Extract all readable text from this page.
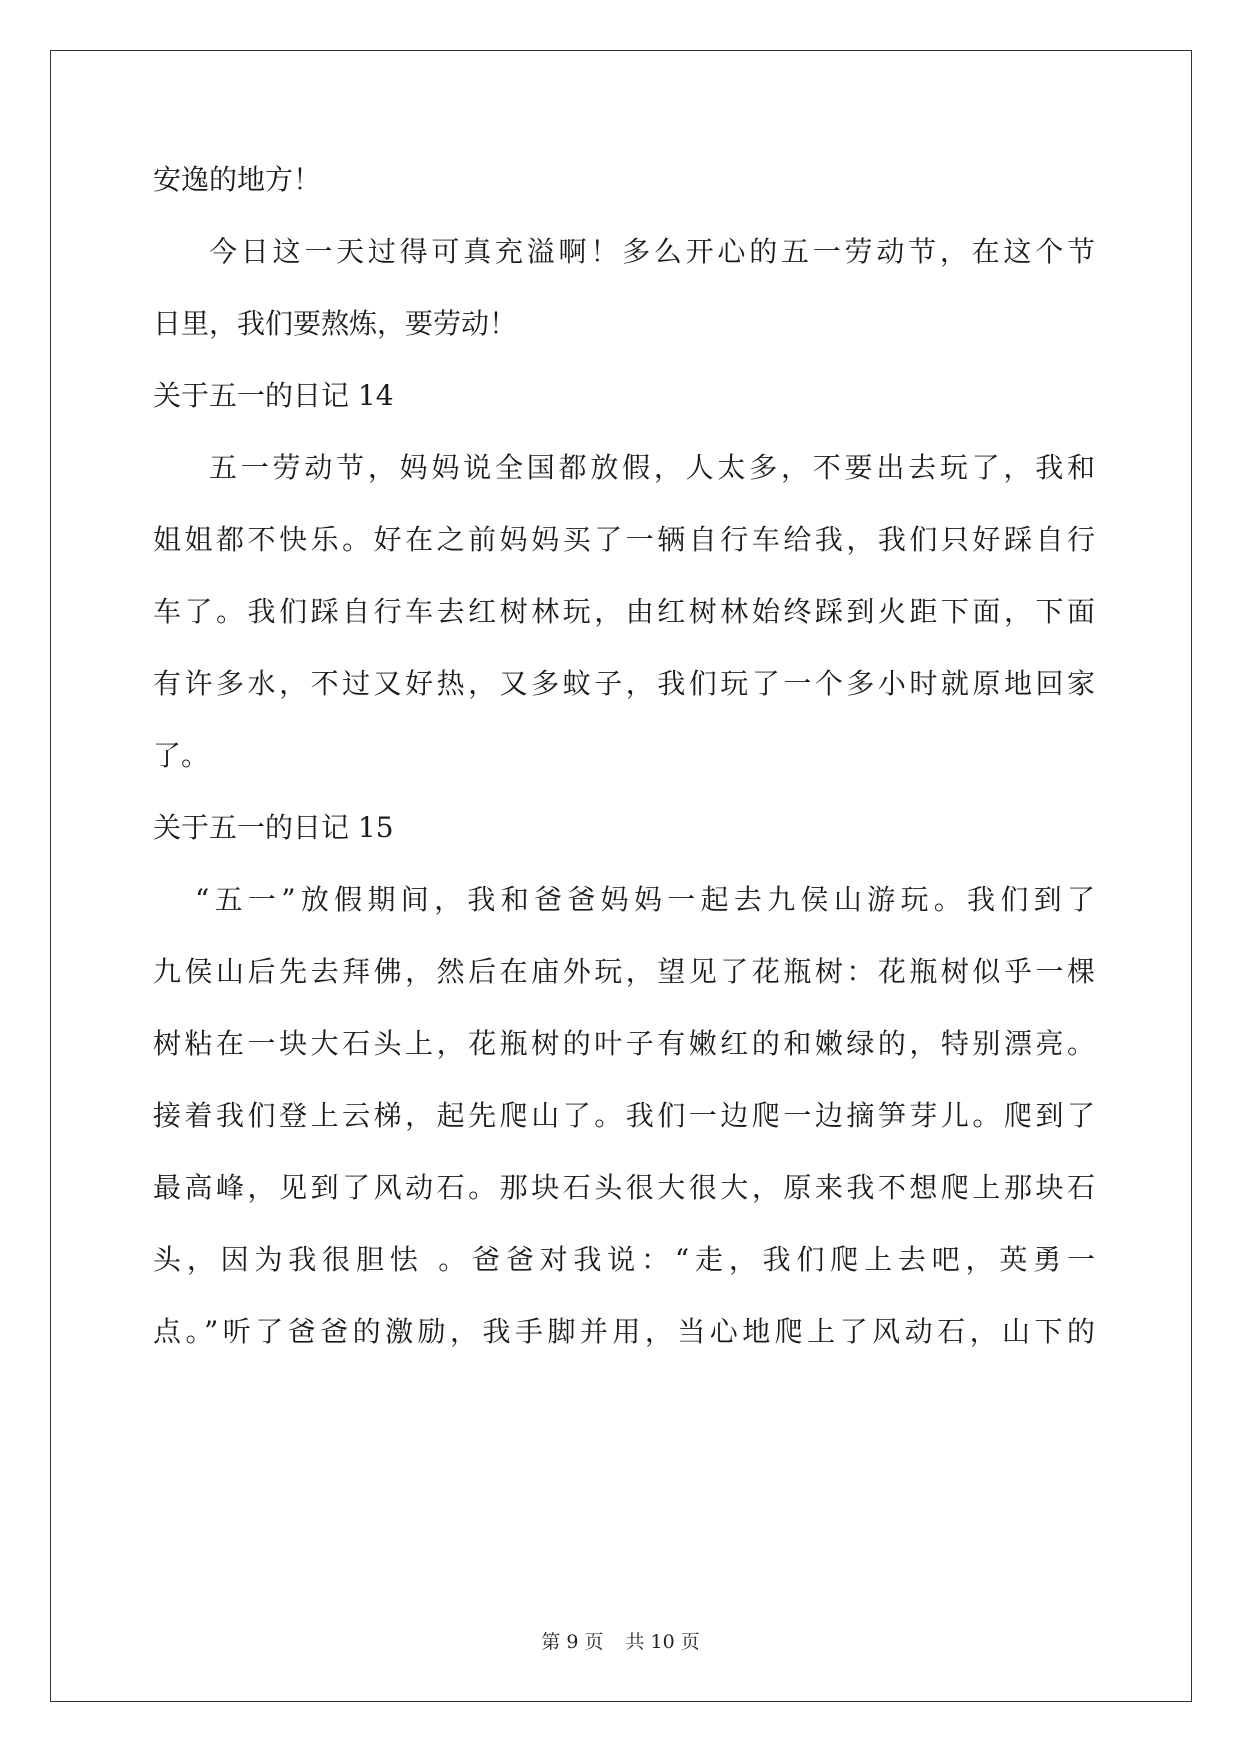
安逸的地方！
今日这一天过得可真充溢啊！多么开心的五一劳动节，在这个节
日里，我们要熬炼，要劳动！
关于五一的日记 14
五一劳动节，妈妈说全国都放假，人太多，不要出去玩了，我和
姐姐都不快乐。好在之前妈妈买了一辆自行车给我，我们只好踩自行
车了。我们踩自行车去红树林玩，由红树林始终踩到火距下面，下面
有许多水，不过又好热，又多蚊子，我们玩了一个多小时就原地回家
了。
关于五一的日记 15
“五一”放假期间，我和爸爸妈妈一起去九侯山游玩。我们到了
九侯山后先去拜佛，然后在庙外玩，望见了花瓶树：花瓶树似乎一棵
树粘在一块大石头上，花瓶树的叶子有嫩红的和嫩绿的，特别漂亮。
接着我们登上云梯，起先爬山了。我们一边爬一边摘笋芽儿。爬到了
最高峰，见到了风动石。那块石头很大很大，原来我不想爬上那块石
头，因为我很胆怯 。爸爸对我说：“走，我们爬上去吧，英勇一
点。”听了爸爸的激励，我手脚并用，当心地爬上了风动石，山下的
第 9 页 共 10 页
